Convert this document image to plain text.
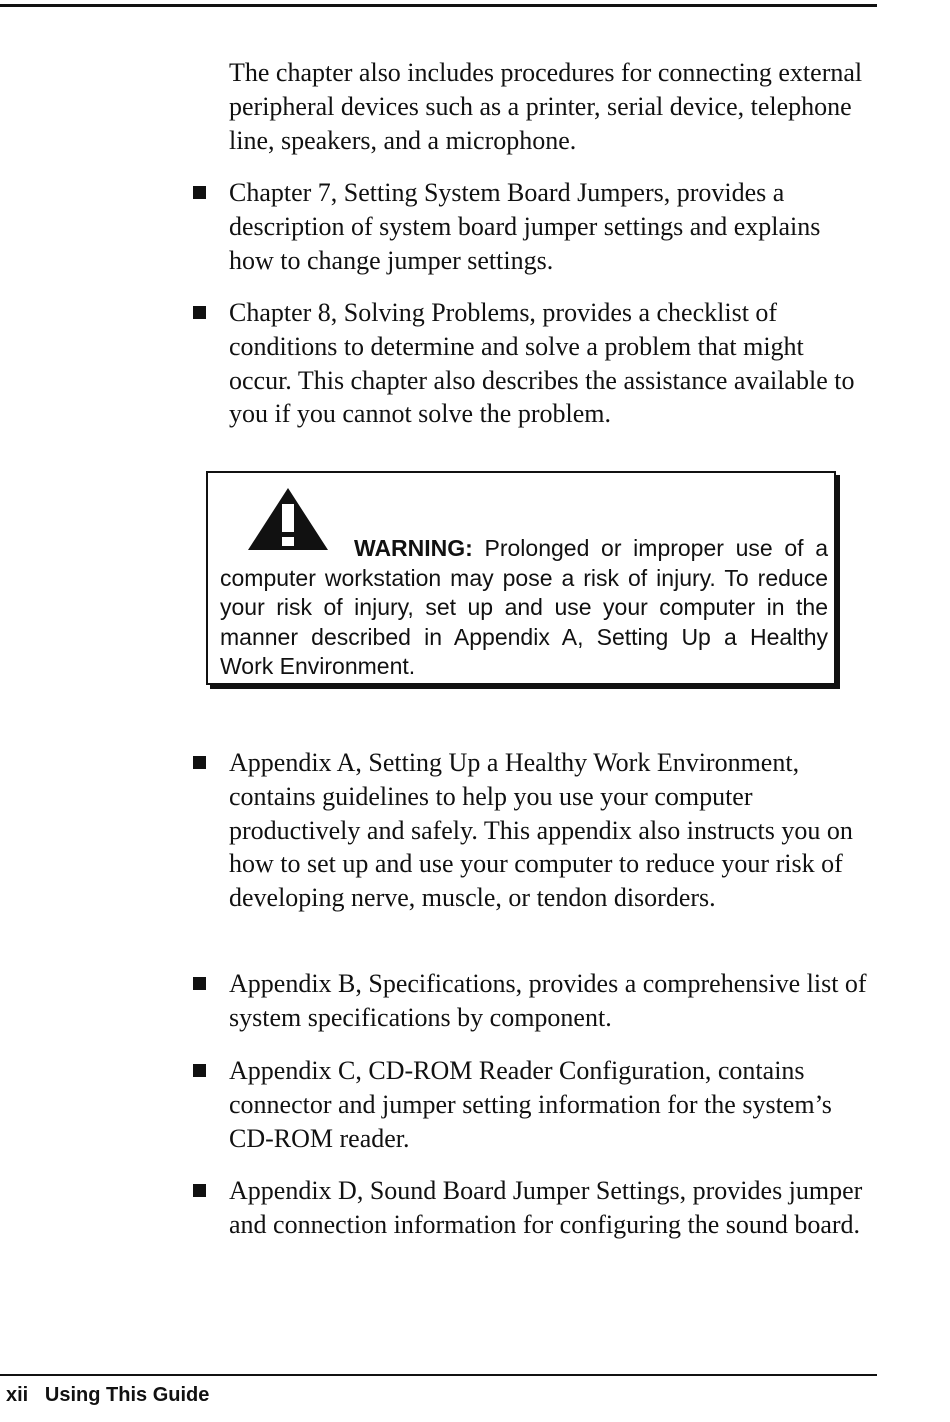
The chapter also includes procedures for connecting external peripheral devices such as a printer, serial device, telephone line, speakers, and a microphone.

Chapter 7, Setting System Board Jumpers, provides a description of system board jumper settings and explains how to change jumper settings.

Chapter 8, Solving Problems, provides a checklist of conditions to determine and solve a problem that might occur. This chapter also describes the assistance available to you if you cannot solve the problem.

WARNING: Prolonged or improper use of a computer workstation may pose a risk of injury. To reduce your risk of injury, set up and use your computer in the manner described in Appendix A, Setting Up a Healthy Work Environment.

Appendix A, Setting Up a Healthy Work Environment, contains guidelines to help you use your computer productively and safely. This appendix also instructs you on how to set up and use your computer to reduce your risk of developing nerve, muscle, or tendon disorders.

Appendix B, Specifications, provides a comprehensive list of system specifications by component.

Appendix C, CD-ROM Reader Configuration, contains connector and jumper setting information for the system’s CD-ROM reader.

Appendix D, Sound Board Jumper Settings, provides jumper and connection information for configuring the sound board.

xii Using This Guide
